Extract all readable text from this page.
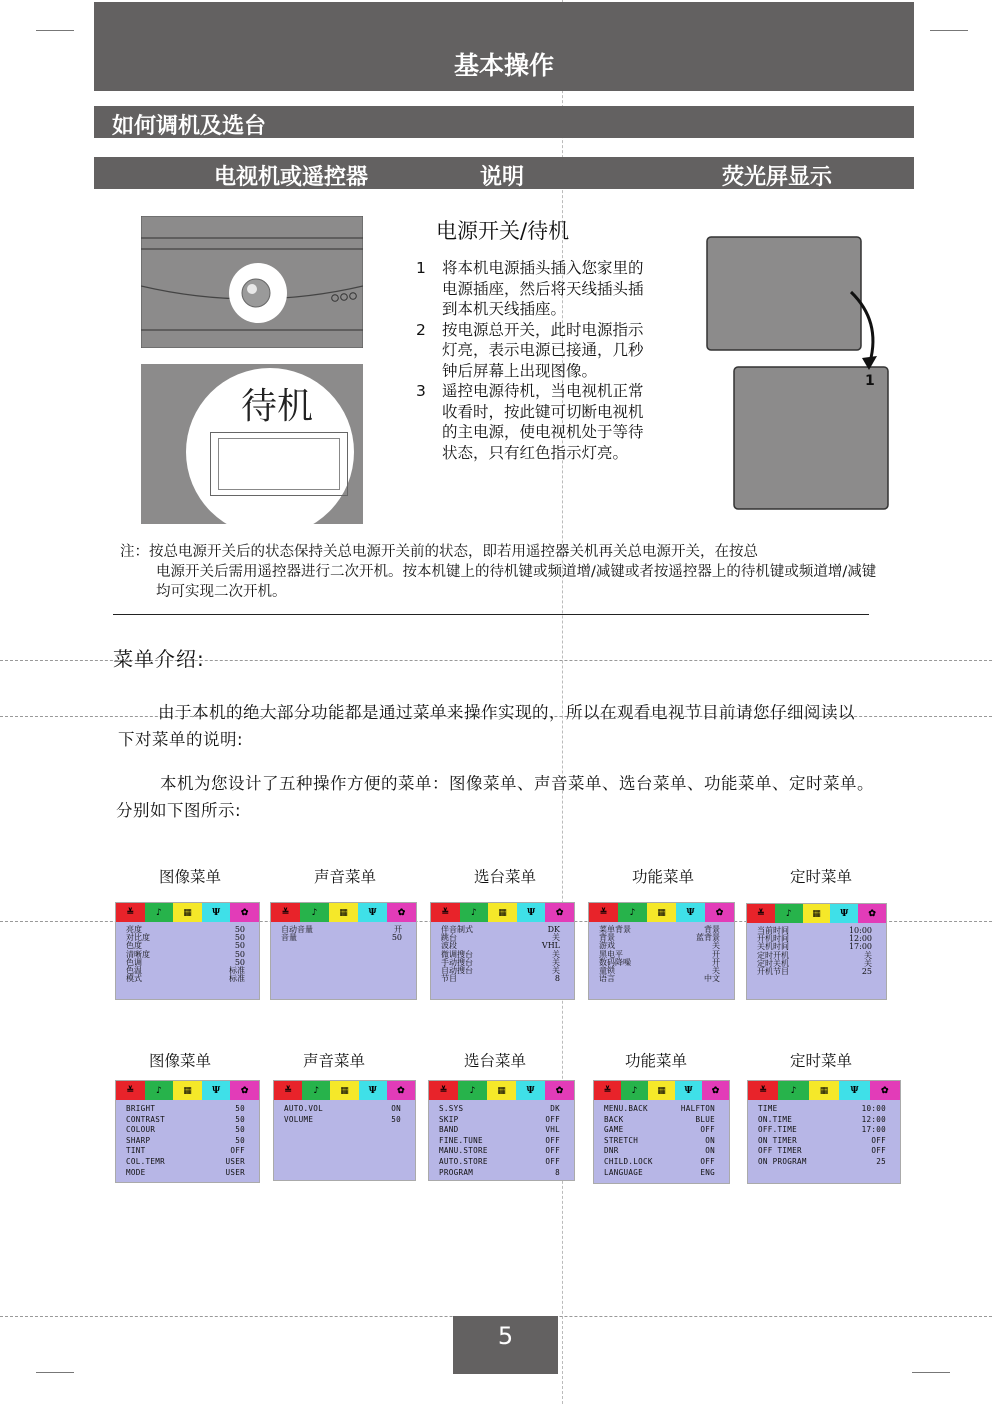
基本操作
如何调机及选台
电视机或遥控器	说明	荧光屏显示
待机
电源开关/待机

1 将本机电源插头插入您家里的电源插座，然后将天线插头插到本机天线插座。

2 按电源总开关，此时电源指示灯亮，表示电源已接通，几秒钟后屏幕上出现图像。

3 遥控电源待机，当电视机正常收看时，按此键可切断电视机的主电源，使电视机处于等待状态，只有红色指示灯亮。

1
注：按总电源开关后的状态保持关总电源开关前的状态，即若用遥控器关机再关总电源开关，在按总
电源开关后需用遥控器进行二次开机。按本机键上的待机键或频道增/减键或者按遥控器上的待机键或频道增/减键均可实现二次开机。
菜单介绍:
由于本机的绝大部分功能都是通过菜单来操作实现的，所以在观看电视节目前请您仔细阅读以下对菜单的说明:
本机为您设计了五种操作方便的菜单：图像菜单、声音菜单、选台菜单、功能菜单、定时菜单。分别如下图所示:
图像菜单
≚	♪	▦	Ψ	✿
亮度	50
对比度	50
色度	50
清晰度	50
色调	50
色温	标准
模式	标准
声音菜单
≚	♪	▦	Ψ	✿
自动音量	开
音量	50
选台菜单
≚	♪	▦	Ψ	✿
伴音制式	DK
跳台	关
波段	VHL
微调搜台	关
手动搜台	关
自动搜台	关
节目	8
功能菜单
≚	♪	▦	Ψ	✿
菜单背景	背景
背景	蓝背景
游戏	关
黑电平	开
数码降噪	开
童锁	关
语言	中文
定时菜单
≚	♪	▦	Ψ	✿
当前时间	10:00
开机时间	12:00
关机时间	17:00
定时开机	关
定时关机	关
开机节目	25
图像菜单
≚	♪	▦	Ψ	✿
BRIGHT	50
CONTRAST	50
COLOUR	50
SHARP	50
TINT	OFF
COL.TEMR	USER
MODE	USER
声音菜单
≚	♪	▦	Ψ	✿
AUTO.VOL	ON
VOLUME	50
选台菜单
≚	♪	▦	Ψ	✿
S.SYS	DK
SKIP	OFF
BAND	VHL
FINE.TUNE	OFF
MANU.STORE	OFF
AUTO.STORE	OFF
PROGRAM	8
功能菜单
≚	♪	▦	Ψ	✿
MENU.BACK	HALFTON
BACK	BLUE
GAME	OFF
STRETCH	ON
DNR	ON
CHILD.LOCK	OFF
LANGUAGE	ENG
定时菜单
≚	♪	▦	Ψ	✿
TIME	10:00
ON.TIME	12:00
OFF.TIME	17:00
ON TIMER	OFF
OFF TIMER	OFF
ON PROGRAM	25
5
